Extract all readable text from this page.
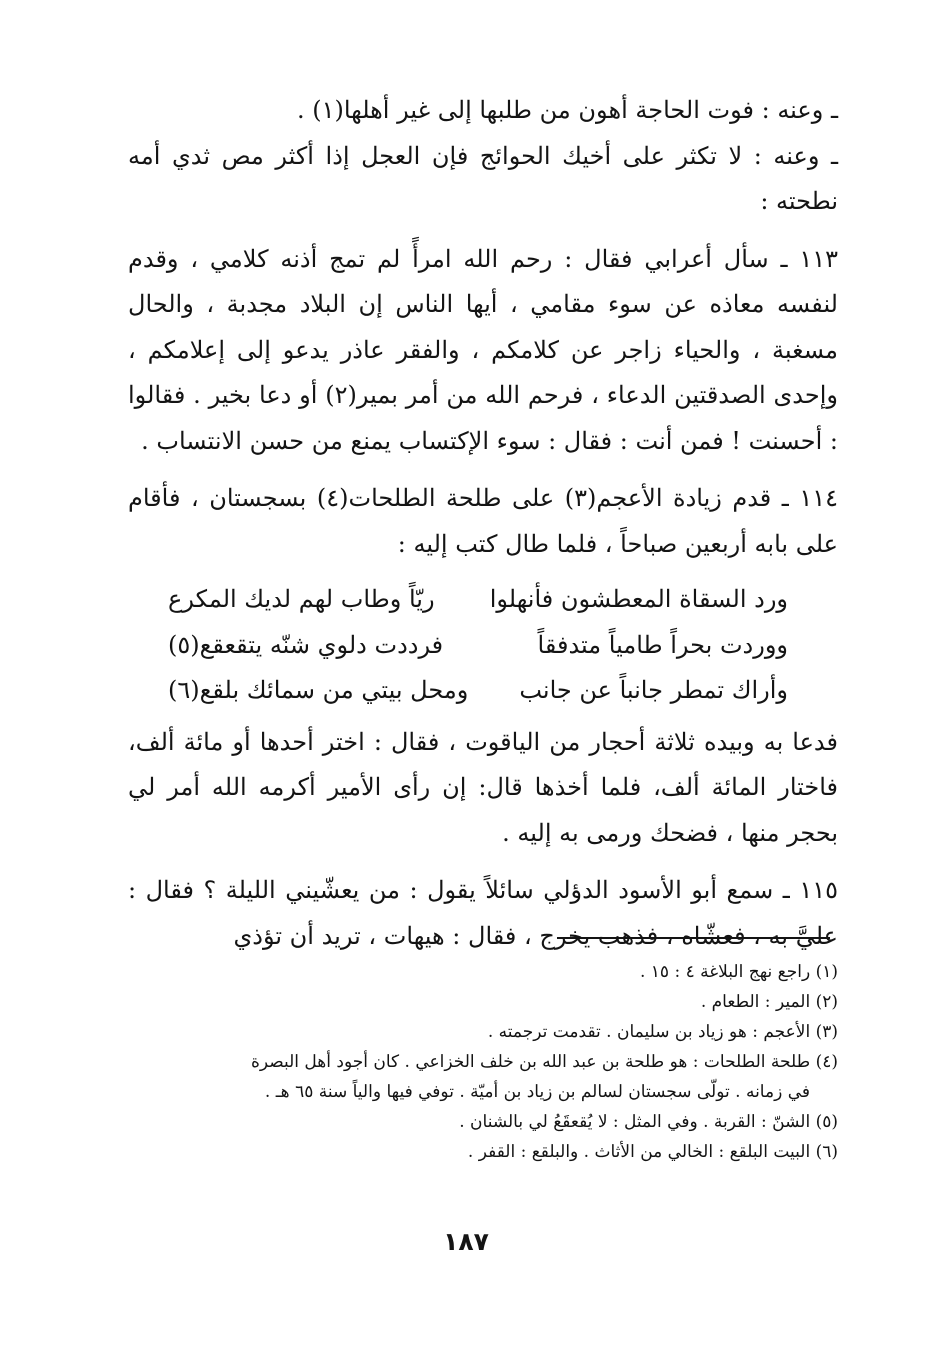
ـ وعنه : فوت الحاجة أهون من طلبها إلى غير أهلها(١) .

ـ وعنه : لا تكثر على أخيك الحوائج فإن العجل إذا أكثر مص ثدي أمه نطحته :

١١٣ ـ سأل أعرابي فقال : رحم الله امرأً لم تمج أذنه كلامي ، وقدم لنفسه معاذه عن سوء مقامي ، أيها الناس إن البلاد مجدبة ، والحال مسغبة ، والحياء زاجر عن كلامكم ، والفقر عاذر يدعو إلى إعلامكم ، وإحدى الصدقتين الدعاء ، فرحم الله من أمر بمير(٢) أو دعا بخير . فقالوا : أحسنت ! فمن أنت : فقال : سوء الإكتساب يمنع من حسن الانتساب .

١١٤ ـ قدم زيادة الأعجم(٣) على طلحة الطلحات(٤) بسجستان ، فأقام على بابه أربعين صباحاً ، فلما طال كتب إليه :

ورد السقاة المعطشون فأنهلوا
ريّاً وطاب لهم لديك المكرع
ووردت بحراً طامياً متدفقاً
فرددت دلوي شنّه يتقعقع(٥)
وأراك تمطر جانباً عن جانب
ومحل بيتي من سمائك بلقع(٦)

فدعا به وبيده ثلاثة أحجار من الياقوت ، فقال : اختر أحدها أو مائة ألف، فاختار المائة ألف، فلما أخذها قال: إن رأى الأمير أكرمه الله أمر لي بحجر منها ، فضحك ورمى به إليه .

١١٥ ـ سمع أبو الأسود الدؤلي سائلاً يقول : من يعشّيني الليلة ؟ فقال : عليَّ به ، فعشّاه ، فذهب يخرج ، فقال : هيهات ، تريد أن تؤذي

(١) راجع نهج البلاغة ٤ : ١٥ .

(٢) المير : الطعام .

(٣) الأعجم : هو زياد بن سليمان . تقدمت ترجمته .

(٤) طلحة الطلحات : هو طلحة بن عبد الله بن خلف الخزاعي . كان أجود أهل البصرة

في زمانه . تولّى سجستان لسالم بن زياد بن أميّة . توفي فيها والياً سنة ٦٥ هـ .

(٥) الشنّ : القربة . وفي المثل : لا يُقعقَعُ لي بالشنان .

(٦) البيت البلقع : الخالي من الأثاث . والبلقع : القفر .

١٨٧
